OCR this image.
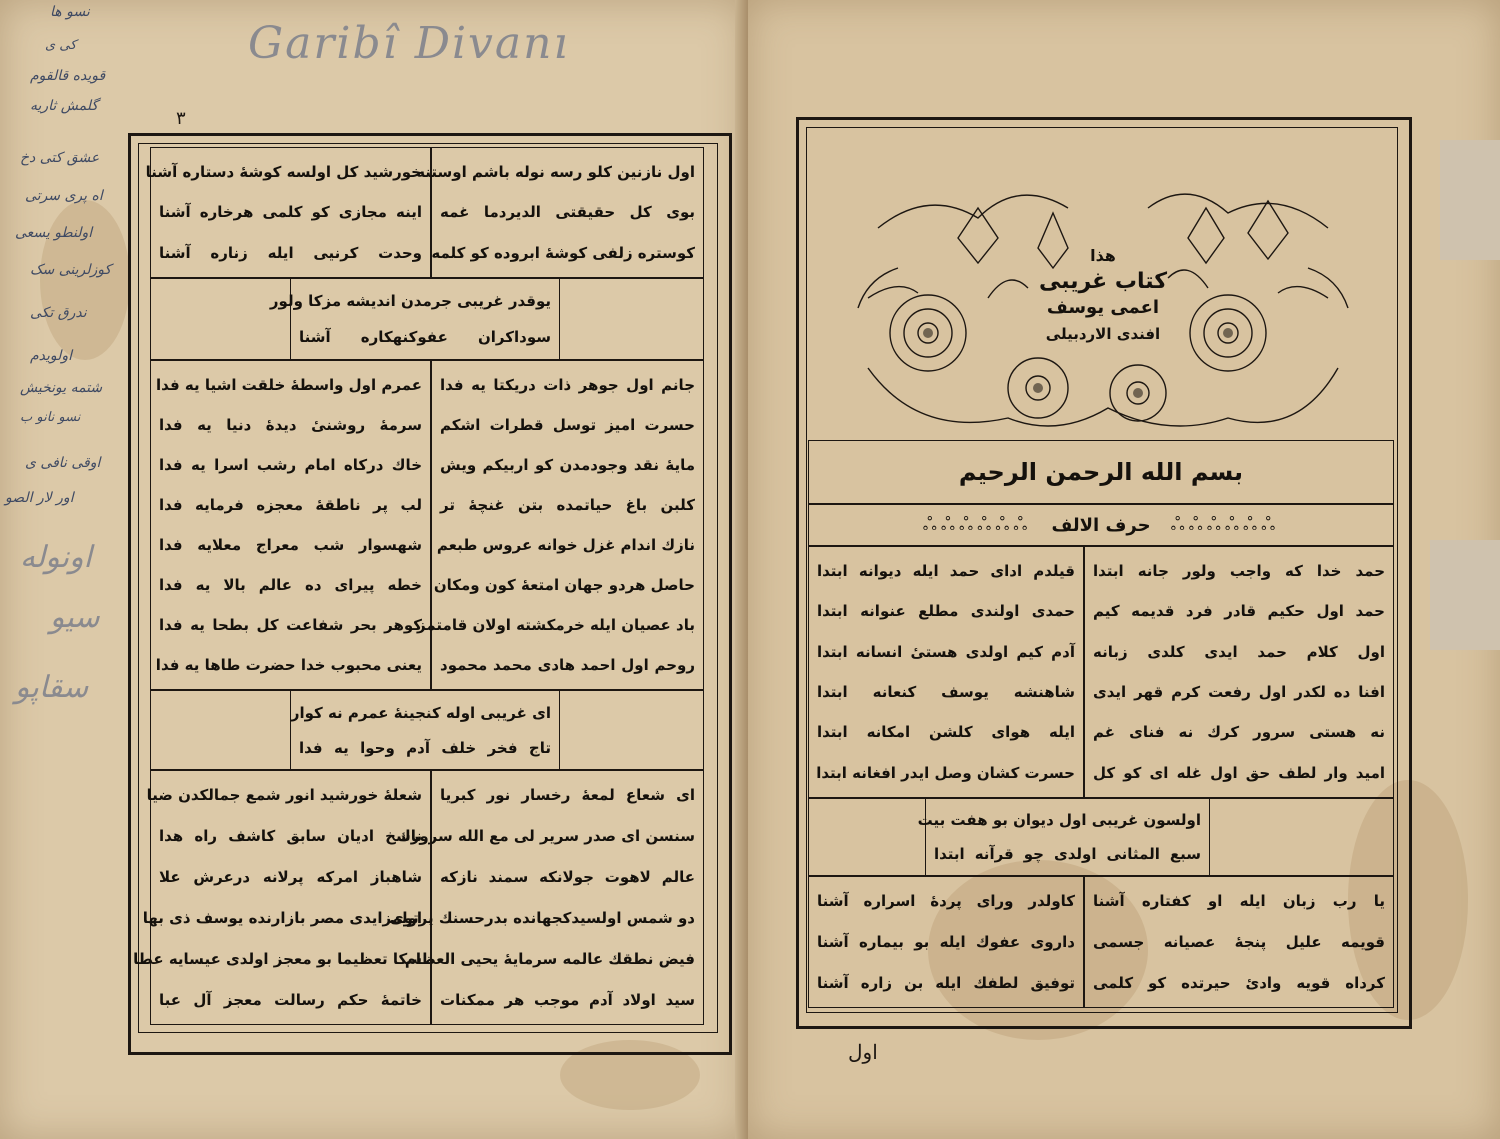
Garibî Divanı
٣
نسو ها
کی ی
قویده قالقوم
گلمش ثاریه
عشق کتی دخ
اه پری سرتی
اولنطو یسعی
کوزلرینی سک
ندرق تکی
اولویدم
شتمه یونخیش
نسو نانو ب
اوقی نافی ی
اور لار الصو
اونوله
سیو
سقاپو
اول نازنین کلو رسه نوله باشم اوستنه
بوی کل حقیقتی الدیردما غمه
کوستره زلفی کوشهٔ ابروده کو کلمه
خورشید کل اولسه کوشهٔ دستاره آشنا
اینه مجازی کو کلمی هرخاره آشنا
وحدت کرنیی ایله زناره آشنا
یوقدر غریبی جرمدن اندیشه مزکا ولور
سوداکران عفوکنهکاره آشنا
جانم اول جوهر ذات دریکتا یه فدا
حسرت امیز توسل قطرات اشکم
مایهٔ نقد وجودمدن کو اربیکم ویش
کلبن باغ حیاتمده بتن غنچهٔ تر
نازك اندام غزل خوانه عروس طبعم
حاصل هردو جهان امتعهٔ کون ومکان
باد عصیان ایله خرمکشته اولان قامتمز
روحم اول احمد هادی محمد محمود
عمرم اول واسطهٔ خلقت اشیا یه فدا
سرمهٔ روشنیٔ دیدهٔ دنیا یه فدا
خاك درکاه امام رشب اسرا یه فدا
لب پر ناطقهٔ معجزه فرمایه فدا
شهسوار شب معراج معلایه فدا
خطه پیرای ده عالم بالا یه فدا
کوهر بحر شفاعت کل بطحا یه فدا
یعنی محبوب خدا حضرت طاها یه فدا
ای غریبی اوله کنجینهٔ عمرم نه کوار
تاج فخر خلف آدم وحوا یه فدا
ای شعاع لمعهٔ رخسار نور کبریا
سنسن ای صدر سریر لی مع الله سرورك
عالم لاهوت جولانکه سمند نازکه
دو شمس اولسیدکجهانده بدرحسنك پرتوی
فیض نطقك عالمه سرمایهٔ یحیی العظام
سید اولاد آدم موجب هر ممکنات
شعلهٔ خورشید انور شمع جمالکدن ضیا
ناسخ ادیان سابق کاشف راه هدا
شاهباز امرکه پرلانه درعرش علا
اولمزایدی مصر بازارنده یوسف ذی بها
سکا تعظیما بو معجز اولدی عیسایه عطا
خاتمهٔ حکم رسالت معجز آل عبا
هذا
کتاب غریبی
اعمی یوسف
افندی الاردبیلی
بسم الله الرحمن الرحیم
ஃஃஃஃஃஃ حرف الالف ஃஃஃஃஃஃ
حمد خدا که واجب ولور جانه ابتدا
حمد اول حکیم قادر فرد قدیمه کیم
اول کلام حمد ایدی کلدی زبانه
افنا ده لکدر اول رفعت کرم قهر ایدی
نه هستی سرور کرك نه فنای غم
امید وار لطف حق اول غله ای کو کل
قیلدم ادای حمد ایله دیوانه ابتدا
حمدی اولندی مطلع عنوانه ابتدا
آدم کیم اولدی هستیٔ انسانه ابتدا
شاهنشه یوسف کنعانه ابتدا
ایله هوای کلشن امکانه ابتدا
حسرت کشان وصل ایدر افغانه ابتدا
اولسون غریبی اول دیوان بو هفت بیت
سبع المثانی اولدی چو قرآنه ابتدا
یا رب زبان ایله او کفتاره آشنا
قویمه علیل پنجهٔ عصیانه جسمی
کرداه قویه وادیٔ حیرتده کو کلمی
کاولدر ورای پردهٔ اسراره آشنا
داروی عفوك ایله بو بیماره آشنا
توفیق لطفك ایله بن زاره آشنا
اول
